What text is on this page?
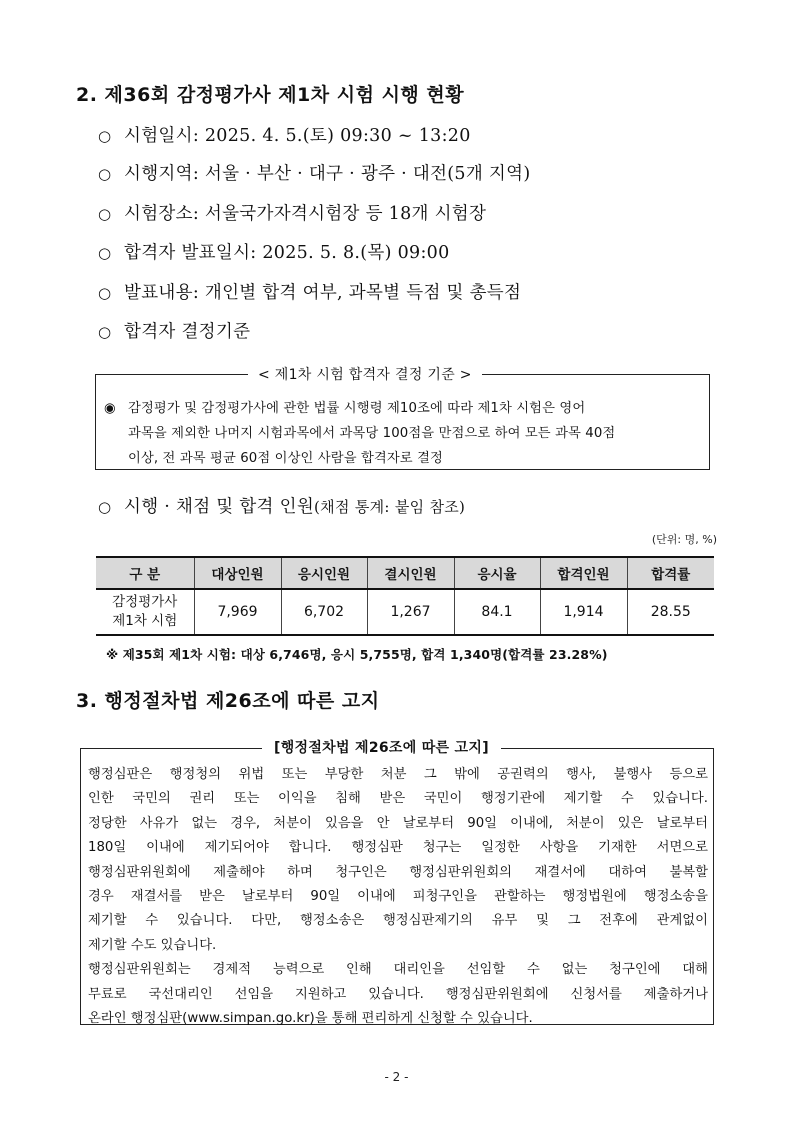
2. 제36회 감정평가사 제1차 시험 시행 현황
○ 시험일시: 2025. 4. 5.(토) 09:30 ~ 13:20
○ 시행지역: 서울 · 부산 · 대구 · 광주 · 대전(5개 지역)
○ 시험장소: 서울국가자격시험장 등 18개 시험장
○ 합격자 발표일시: 2025. 5. 8.(목) 09:00
○ 발표내용: 개인별 합격 여부, 과목별 득점 및 총득점
○ 합격자 결정기준
< 제1차 시험 합격자 결정 기준 >
◉ 감정평가 및 감정평가사에 관한 법률 시행령 제10조에 따라 제1차 시험은 영어
과목을 제외한 나머지 시험과목에서 과목당 100점을 만점으로 하여 모든 과목 40점
이상, 전 과목 평균 60점 이상인 사람을 합격자로 결정
○ 시행 · 채점 및 합격 인원(채점 통계: 붙임 참조)
(단위: 명, %)
구 분	대상인원	응시인원	결시인원	응시율	합격인원	합격률

감정평가사
제1차 시험	7,969	6,702	1,267	84.1	1,914	28.55
※ 제35회 제1차 시험: 대상 6,746명, 응시 5,755명, 합격 1,340명(합격률 23.28%)
3. 행정절차법 제26조에 따른 고지
[행정절차법 제26조에 따른 고지]
행정심판은 행정청의 위법 또는 부당한 처분 그 밖에 공권력의 행사, 불행사 등으로
인한 국민의 권리 또는 이익을 침해 받은 국민이 행정기관에 제기할 수 있습니다.
정당한 사유가 없는 경우, 처분이 있음을 안 날로부터 90일 이내에, 처분이 있은 날로부터
180일 이내에 제기되어야 합니다. 행정심판 청구는 일정한 사항을 기재한 서면으로
행정심판위원회에 제출해야 하며 청구인은 행정심판위원회의 재결서에 대하여 불복할
경우 재결서를 받은 날로부터 90일 이내에 피청구인을 관할하는 행정법원에 행정소송을
제기할 수 있습니다. 다만, 행정소송은 행정심판제기의 유무 및 그 전후에 관계없이
제기할 수도 있습니다.
행정심판위원회는 경제적 능력으로 인해 대리인을 선임할 수 없는 청구인에 대해
무료로 국선대리인 선임을 지원하고 있습니다. 행정심판위원회에 신청서를 제출하거나
온라인 행정심판(www.simpan.go.kr)을 통해 편리하게 신청할 수 있습니다.
- 2 -
